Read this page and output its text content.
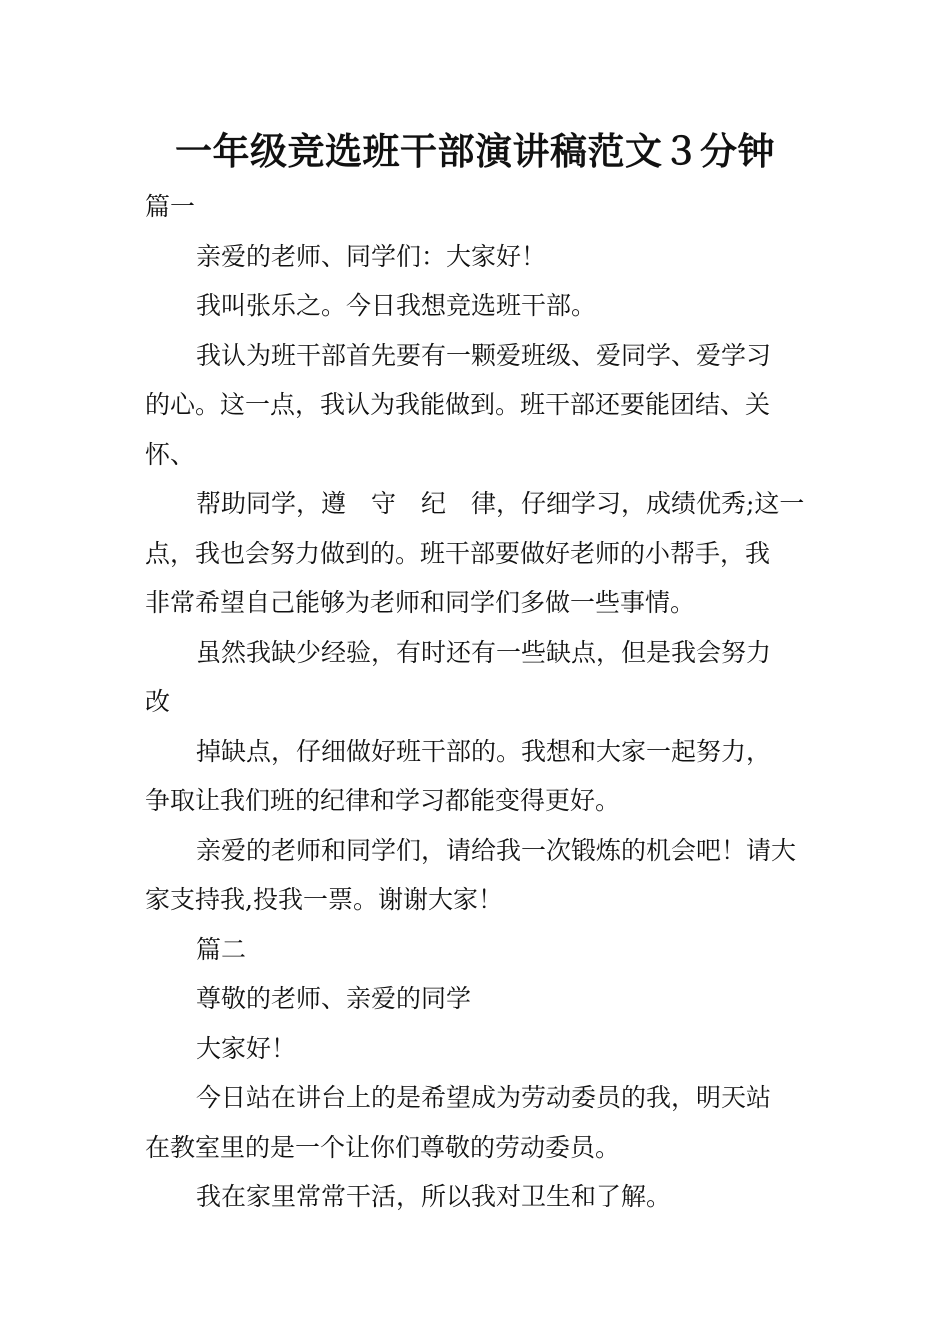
一年级竞选班干部演讲稿范文３分钟

篇一

亲爱的老师、同学们：大家好！

我叫张乐之。今日我想竞选班干部。

我认为班干部首先要有一颗爱班级、爱同学、爱学习

的心。这一点，我认为我能做到。班干部还要能团结、关

怀、

帮助同学，遵　守　纪　律，仔细学习，成绩优秀;这一

点，我也会努力做到的。班干部要做好老师的小帮手，我

非常希望自己能够为老师和同学们多做一些事情。

虽然我缺少经验，有时还有一些缺点，但是我会努力

改

掉缺点，仔细做好班干部的。我想和大家一起努力，

争取让我们班的纪律和学习都能变得更好。

亲爱的老师和同学们，请给我一次锻炼的机会吧！请大

家支持我,投我一票。谢谢大家！

篇二

尊敬的老师、亲爱的同学

大家好！

今日站在讲台上的是希望成为劳动委员的我，明天站

在教室里的是一个让你们尊敬的劳动委员。

我在家里常常干活，所以我对卫生和了解。
